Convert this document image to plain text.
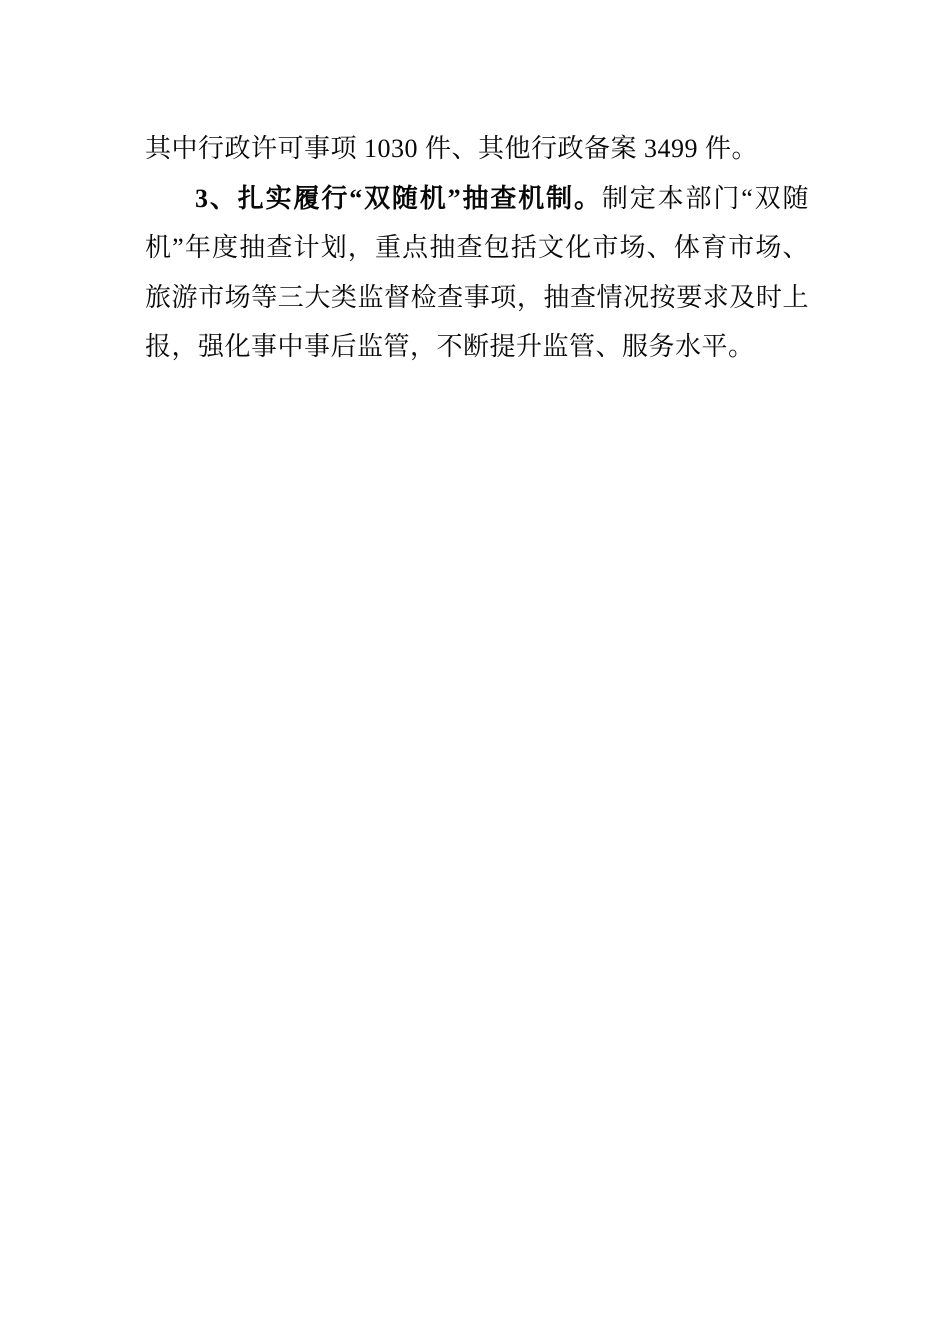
其中行政许可事项 1030 件、其他行政备案 3499 件。

3、扎实履行“双随机”抽查机制。制定本部门“双随

机”年度抽查计划，重点抽查包括文化市场、体育市场、

旅游市场等三大类监督检查事项，抽查情况按要求及时上

报，强化事中事后监管，不断提升监管、服务水平。
